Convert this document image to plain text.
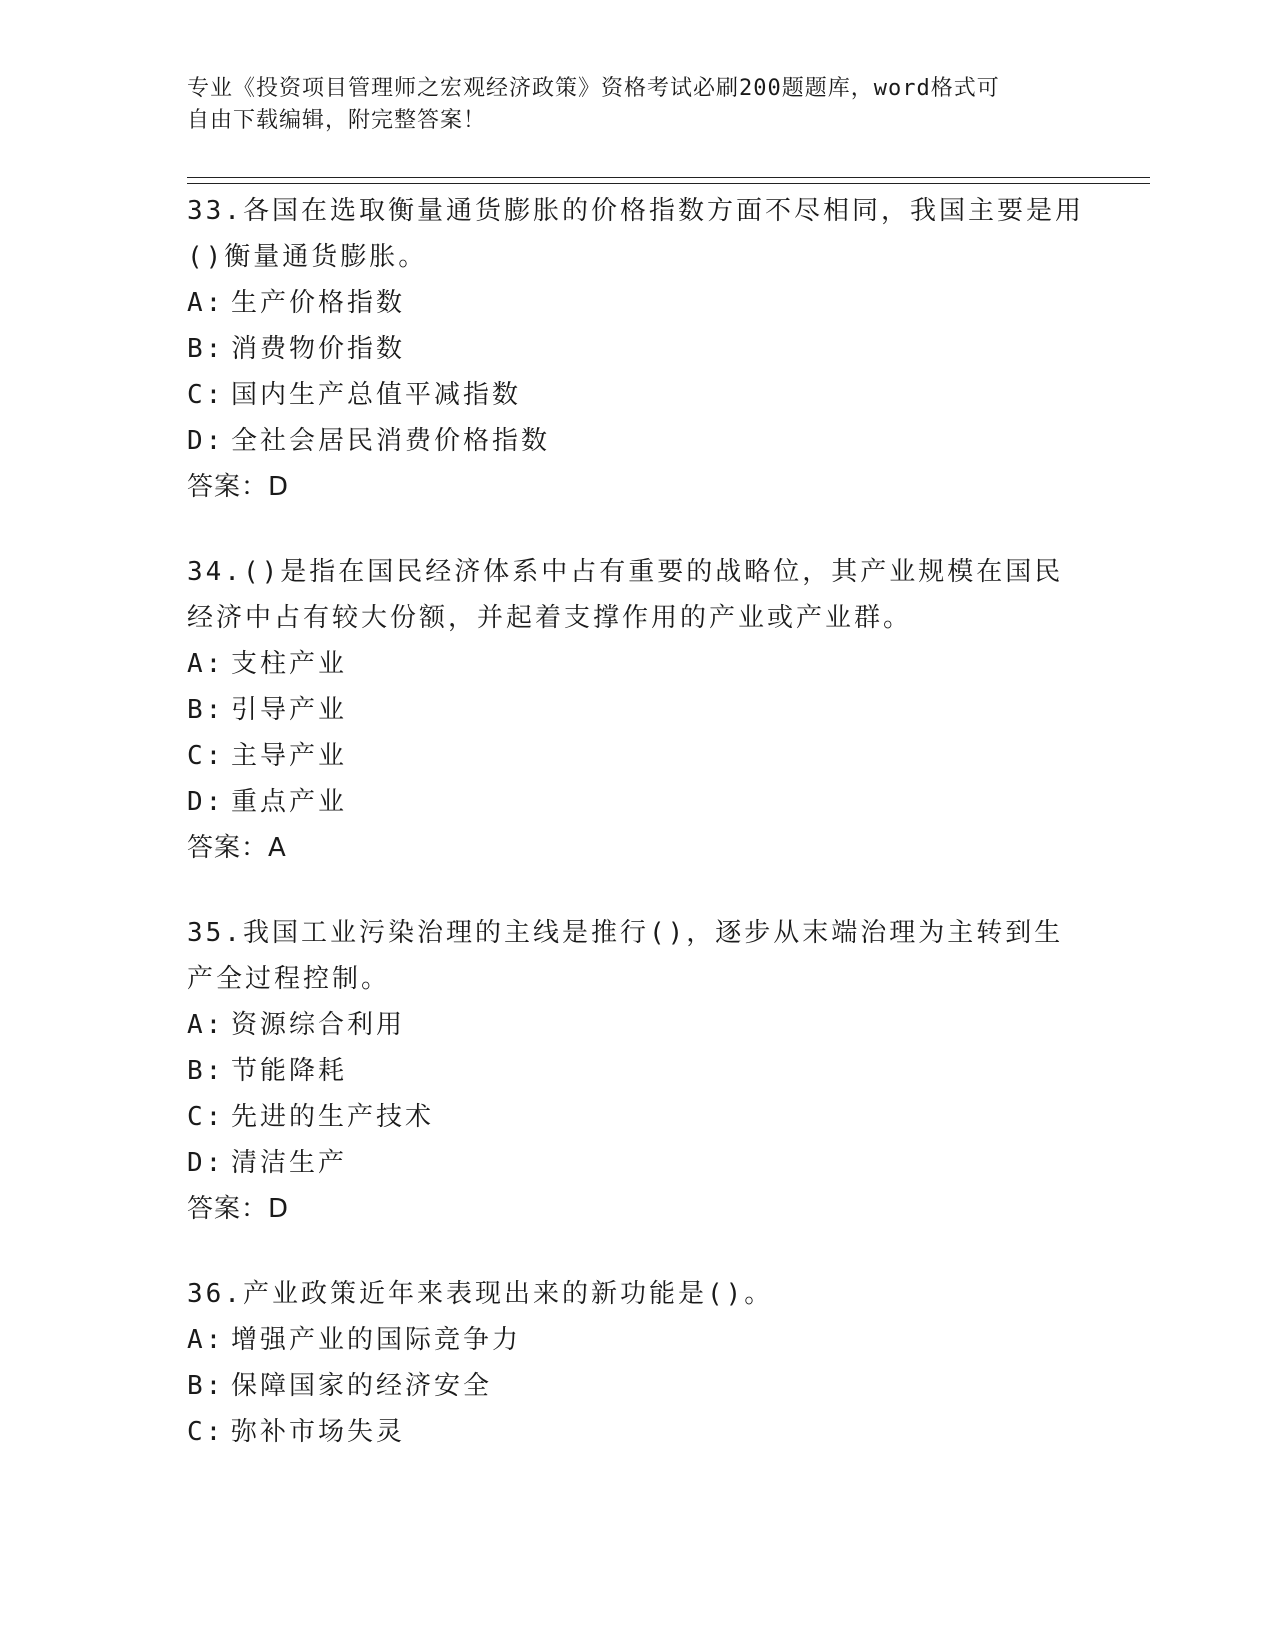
专业《投资项目管理师之宏观经济政策》资格考试必刷200题题库，word格式可
自由下载编辑，附完整答案！

33.各国在选取衡量通货膨胀的价格指数方面不尽相同，我国主要是用()衡量通货膨胀。

A: 生产价格指数
B: 消费物价指数
C: 国内生产总值平减指数
D: 全社会居民消费价格指数
答案：D

34.()是指在国民经济体系中占有重要的战略位，其产业规模在国民经济中占有较大份额，并起着支撑作用的产业或产业群。

A: 支柱产业
B: 引导产业
C: 主导产业
D: 重点产业
答案：A

35.我国工业污染治理的主线是推行()，逐步从末端治理为主转到生产全过程控制。

A: 资源综合利用
B: 节能降耗
C: 先进的生产技术
D: 清洁生产
答案：D

36.产业政策近年来表现出来的新功能是()。

A: 增强产业的国际竞争力
B: 保障国家的经济安全
C: 弥补市场失灵
